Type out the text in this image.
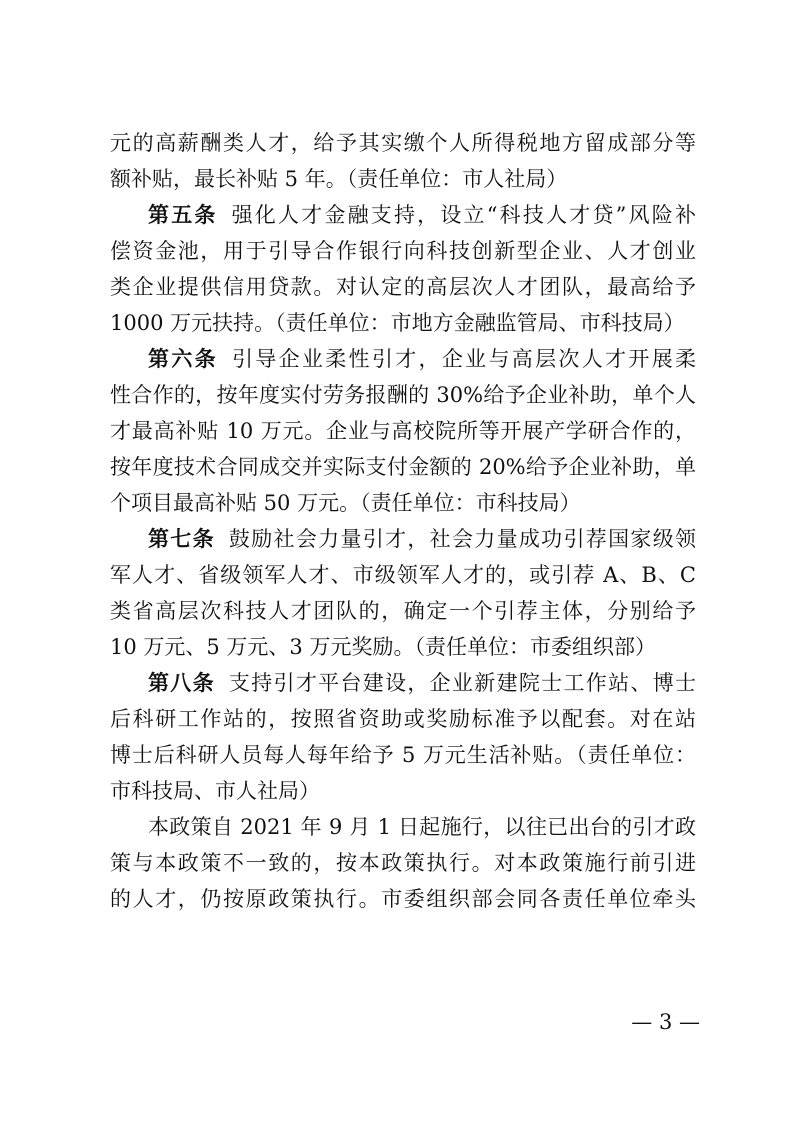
元的高薪酬类人才，给予其实缴个人所得税地方留成部分等
额补贴，最长补贴 5 年。（责任单位：市人社局）
第五条 强化人才金融支持，设立“科技人才贷”风险补
偿资金池，用于引导合作银行向科技创新型企业、人才创业
类企业提供信用贷款。对认定的高层次人才团队，最高给予
1000 万元扶持。（责任单位：市地方金融监管局、市科技局）
第六条 引导企业柔性引才，企业与高层次人才开展柔
性合作的，按年度实付劳务报酬的 30%给予企业补助，单个人
才最高补贴 10 万元。企业与高校院所等开展产学研合作的，
按年度技术合同成交并实际支付金额的 20%给予企业补助，单
个项目最高补贴 50 万元。（责任单位：市科技局）
第七条 鼓励社会力量引才，社会力量成功引荐国家级领
军人才、省级领军人才、市级领军人才的，或引荐 A、B、C
类省高层次科技人才团队的，确定一个引荐主体，分别给予
10 万元、5 万元、3 万元奖励。（责任单位：市委组织部）
第八条 支持引才平台建设，企业新建院士工作站、博士
后科研工作站的，按照省资助或奖励标准予以配套。对在站
博士后科研人员每人每年给予 5 万元生活补贴。（责任单位：
市科技局、市人社局）
本政策自 2021 年 9 月 1 日起施行，以往已出台的引才政
策与本政策不一致的，按本政策执行。对本政策施行前引进
的人才，仍按原政策执行。市委组织部会同各责任单位牵头
— 3 —
